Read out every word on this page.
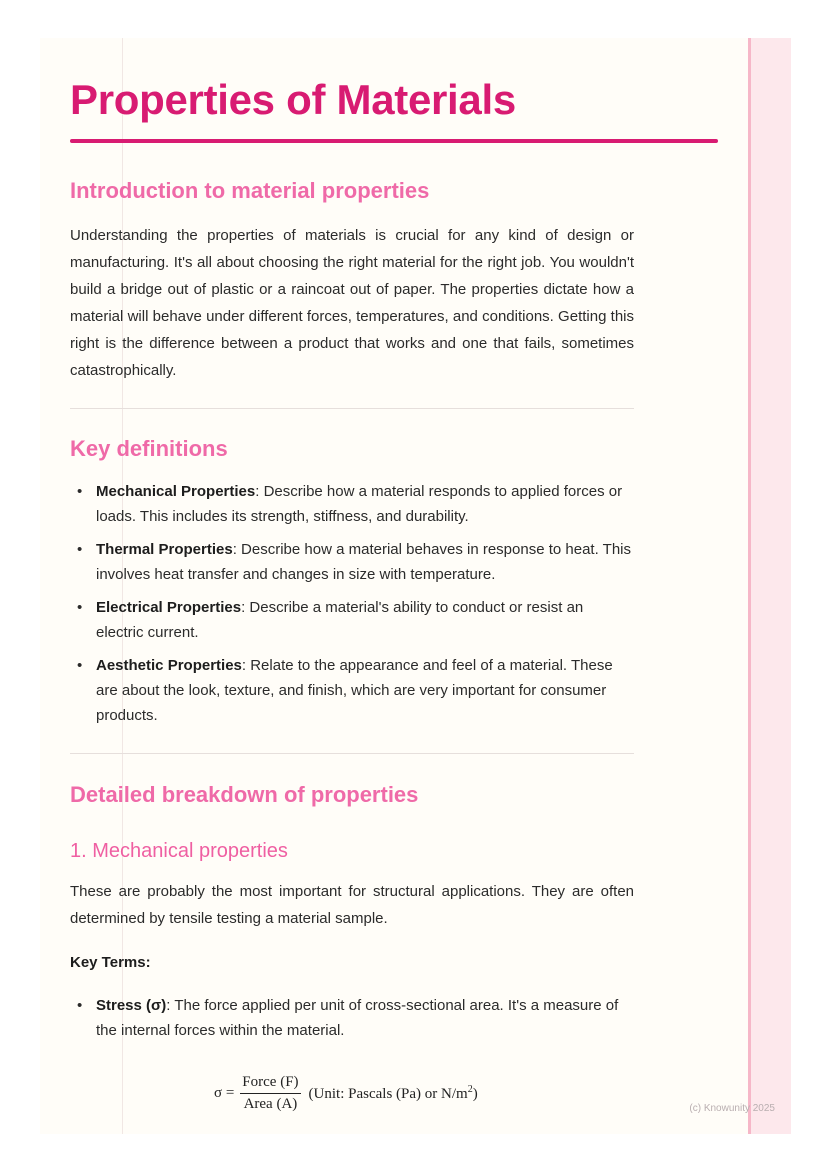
Properties of Materials
Introduction to material properties

Understanding the properties of materials is crucial for any kind of design or manufacturing. It's all about choosing the right material for the right job. You wouldn't build a bridge out of plastic or a raincoat out of paper. The properties dictate how a material will behave under different forces, temperatures, and conditions. Getting this right is the difference between a product that works and one that fails, sometimes catastrophically.

Key definitions
• Mechanical Properties: Describe how a material responds to applied forces or loads. This includes its strength, stiffness, and durability.
• Thermal Properties: Describe how a material behaves in response to heat. This involves heat transfer and changes in size with temperature.
• Electrical Properties: Describe a material's ability to conduct or resist an electric current.
• Aesthetic Properties: Relate to the appearance and feel of a material. These are about the look, texture, and finish, which are very important for consumer products.
Detailed breakdown of properties
1. Mechanical properties

These are probably the most important for structural applications. They are often determined by tensile testing a material sample.

Key Terms:
• Stress (σ): The force applied per unit of cross-sectional area. It's a measure of the internal forces within the material.
$\sigma = \frac{\text{Force (F)}}{\text{Area (A)}}$ (Unit: Pascals (Pa) or $N/m^2$)
(c) Knowunity 2025
